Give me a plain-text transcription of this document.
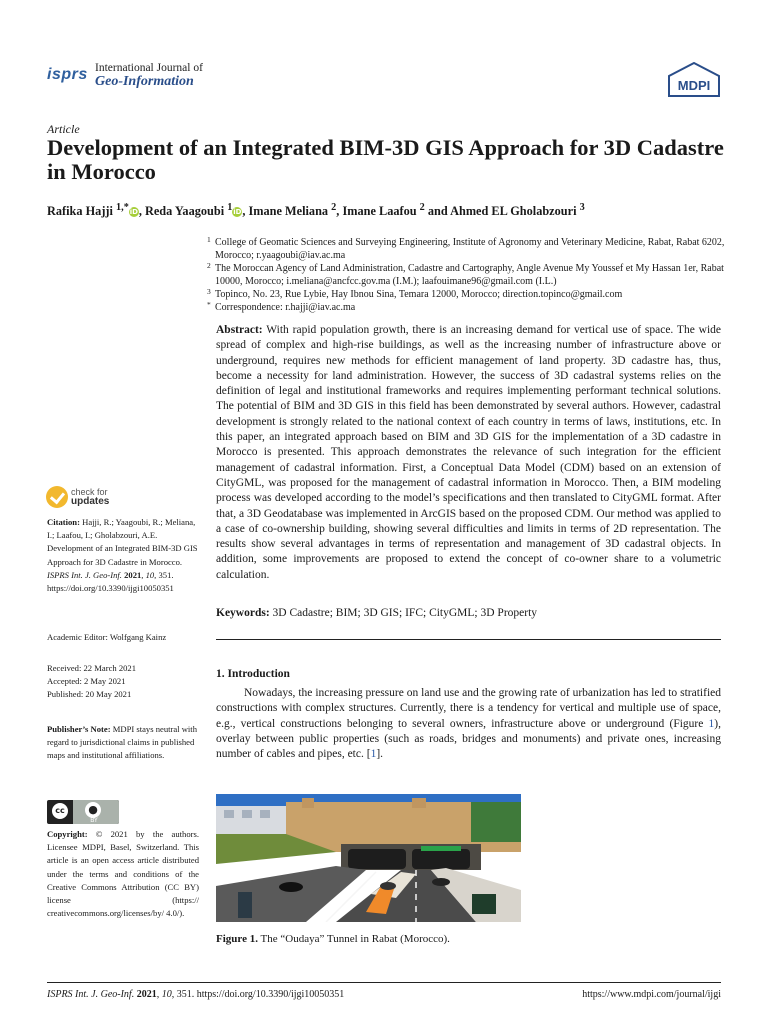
isprs International Journal of
Geo-Information	MDPI
Article
Development of an Integrated BIM-3D GIS Approach for 3D Cadastre in Morocco
Rafika Hajji $^{1,*}$iD, Reda Yaagoubi $^1$iD, Imane Meliana $^2$, Imane Laafou $^2$ and Ahmed EL Gholabzouri $^3$
1 College of Geomatic Sciences and Surveying Engineering, Institute of Agronomy and Veterinary Medicine, Rabat, Rabat 6202, Morocco; r.yaagoubi@iav.ac.ma
2 The Moroccan Agency of Land Administration, Cadastre and Cartography, Angle Avenue My Youssef et My Hassan 1er, Rabat 10000, Morocco; i.meliana@ancfcc.gov.ma (I.M.); laafouimane96@gmail.com (I.L.)
3 Topinco, No. 23, Rue Lybie, Hay Ibnou Sina, Temara 12000, Morocco; direction.topinco@gmail.com
* Correspondence: r.hajji@iav.ac.ma

Abstract: With rapid population growth, there is an increasing demand for vertical use of space. The wide spread of complex and high-rise buildings, as well as the increasing number of infrastructure above or underground, requires new methods for efficient management of land property. 3D cadastre has, thus, become a necessity for land administration. However, the success of 3D cadastral systems relies on the definition of legal and institutional frameworks and requires implementing performant technical solutions. The potential of BIM and 3D GIS in this field has been demonstrated by several authors. However, cadastral development is strongly related to the national context of each country in terms of laws, institutions, etc. In this paper, an integrated approach based on BIM and 3D GIS for the implementation of a 3D cadastre in Morocco is presented. This approach demonstrates the relevance of such integration for the efficient management of cadastral information. First, a Conceptual Data Model (CDM) based on an extension of CityGML, was proposed for the management of cadastral information in Morocco. Then, a BIM modeling process was developed according to the model’s specifications and then translated to CityGML format. After that, a 3D Geodatabase was implemented in ArcGIS based on the proposed CDM. Our method was applied to a case of co-ownership building, showing several difficulties and limits in terms of 2D representation. The results show several advantages in terms of representation and management of 3D cadastral objects. In addition, some improvements are proposed to extend the concept of co-owner share to a volumetric calculation.

Keywords: 3D Cadastre; BIM; 3D GIS; IFC; CityGML; 3D Property

1. Introduction

Nowadays, the increasing pressure on land use and the growing rate of urbanization has led to stratified constructions with complex structures. Currently, there is a tendency for vertical and multiple use of space, e.g., vertical constructions belonging to several owners, infrastructure above or underground (Figure 1), overlay between public properties (such as roads, bridges and monuments) and private ones, increasing number of cables and pipes, etc. [1].

Figure 1. The “Oudaya” Tunnel in Rabat (Morocco).
check for
updates

Citation: Hajji, R.; Yaagoubi, R.; Meliana, I.; Laafou, I.; Gholabzouri, A.E. Development of an Integrated BIM-3D GIS Approach for 3D Cadastre in Morocco. ISPRS Int. J. Geo-Inf. 2021, 10, 351. https://doi.org/10.3390/ijgi10050351

Academic Editor: Wolfgang Kainz

Received: 22 March 2021

Accepted: 2 May 2021

Published: 20 May 2021

Publisher’s Note: MDPI stays neutral with regard to jurisdictional claims in published maps and institutional affiliations.

cc	●
BY

Copyright: © 2021 by the authors. Licensee MDPI, Basel, Switzerland. This article is an open access article distributed under the terms and conditions of the Creative Commons Attribution (CC BY) license (https:// creativecommons.org/licenses/by/ 4.0/).

ISPRS Int. J. Geo-Inf. 2021, 10, 351. https://doi.org/10.3390/ijgi10050351	https://www.mdpi.com/journal/ijgi
